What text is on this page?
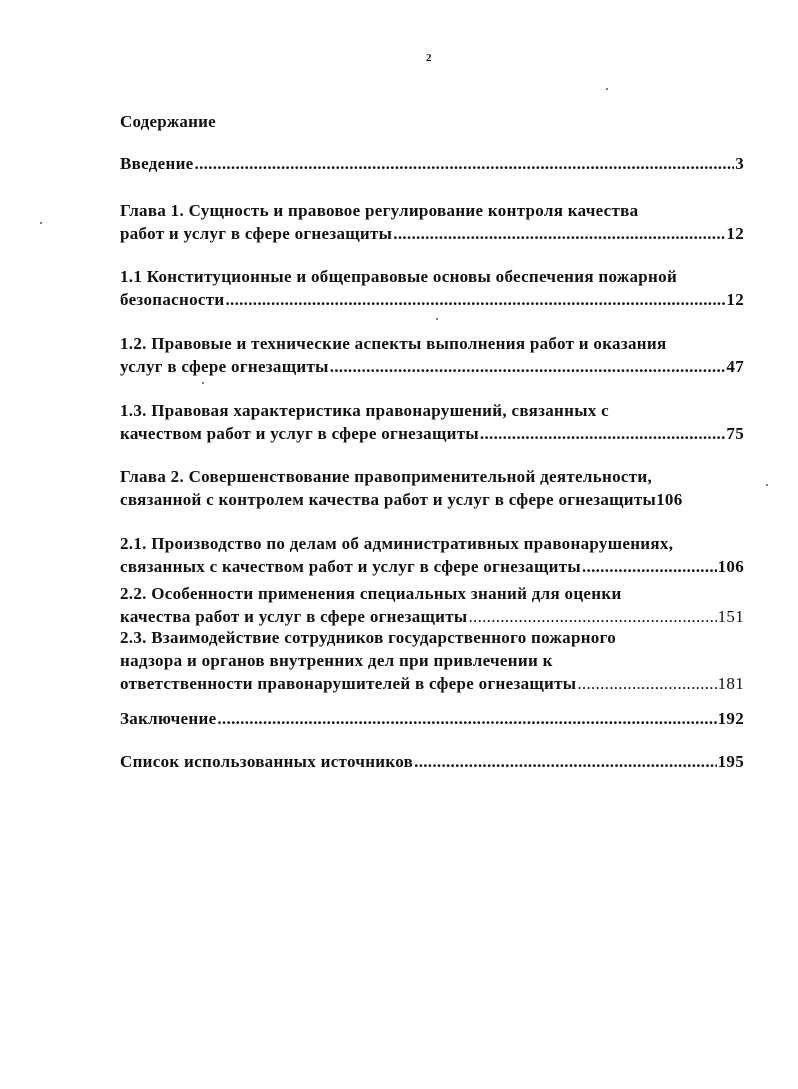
2
Содержание
Введение .....	3
Глава 1. Сущность и правовое регулирование контроля качества
работ и услуг в сфере огнезащиты .....	12
1.1 Конституционные и общеправовые основы обеспечения пожарной
безопасности .....	12
1.2. Правовые и технические аспекты выполнения работ и оказания
услуг в сфере огнезащиты .....	47
1.3. Правовая характеристика правонарушений, связанных с
качеством работ и услуг в сфере огнезащиты .....	75
Глава 2. Совершенствование правоприменительной деятельности,
связанной с контролем качества работ и услуг в сфере огнезащиты 106
2.1. Производство по делам об административных правонарушениях,
связанных с качеством работ и услуг в сфере огнезащиты .....	106
2.2. Особенности применения специальных знаний для оценки
качества работ и услуг в сфере огнезащиты .....	151
2.3. Взаимодействие сотрудников государственного пожарного
надзора и органов внутренних дел при привлечении к
ответственности правонарушителей в сфере огнезащиты .....	181
Заключение .....	192
Список использованных источников .....	195
